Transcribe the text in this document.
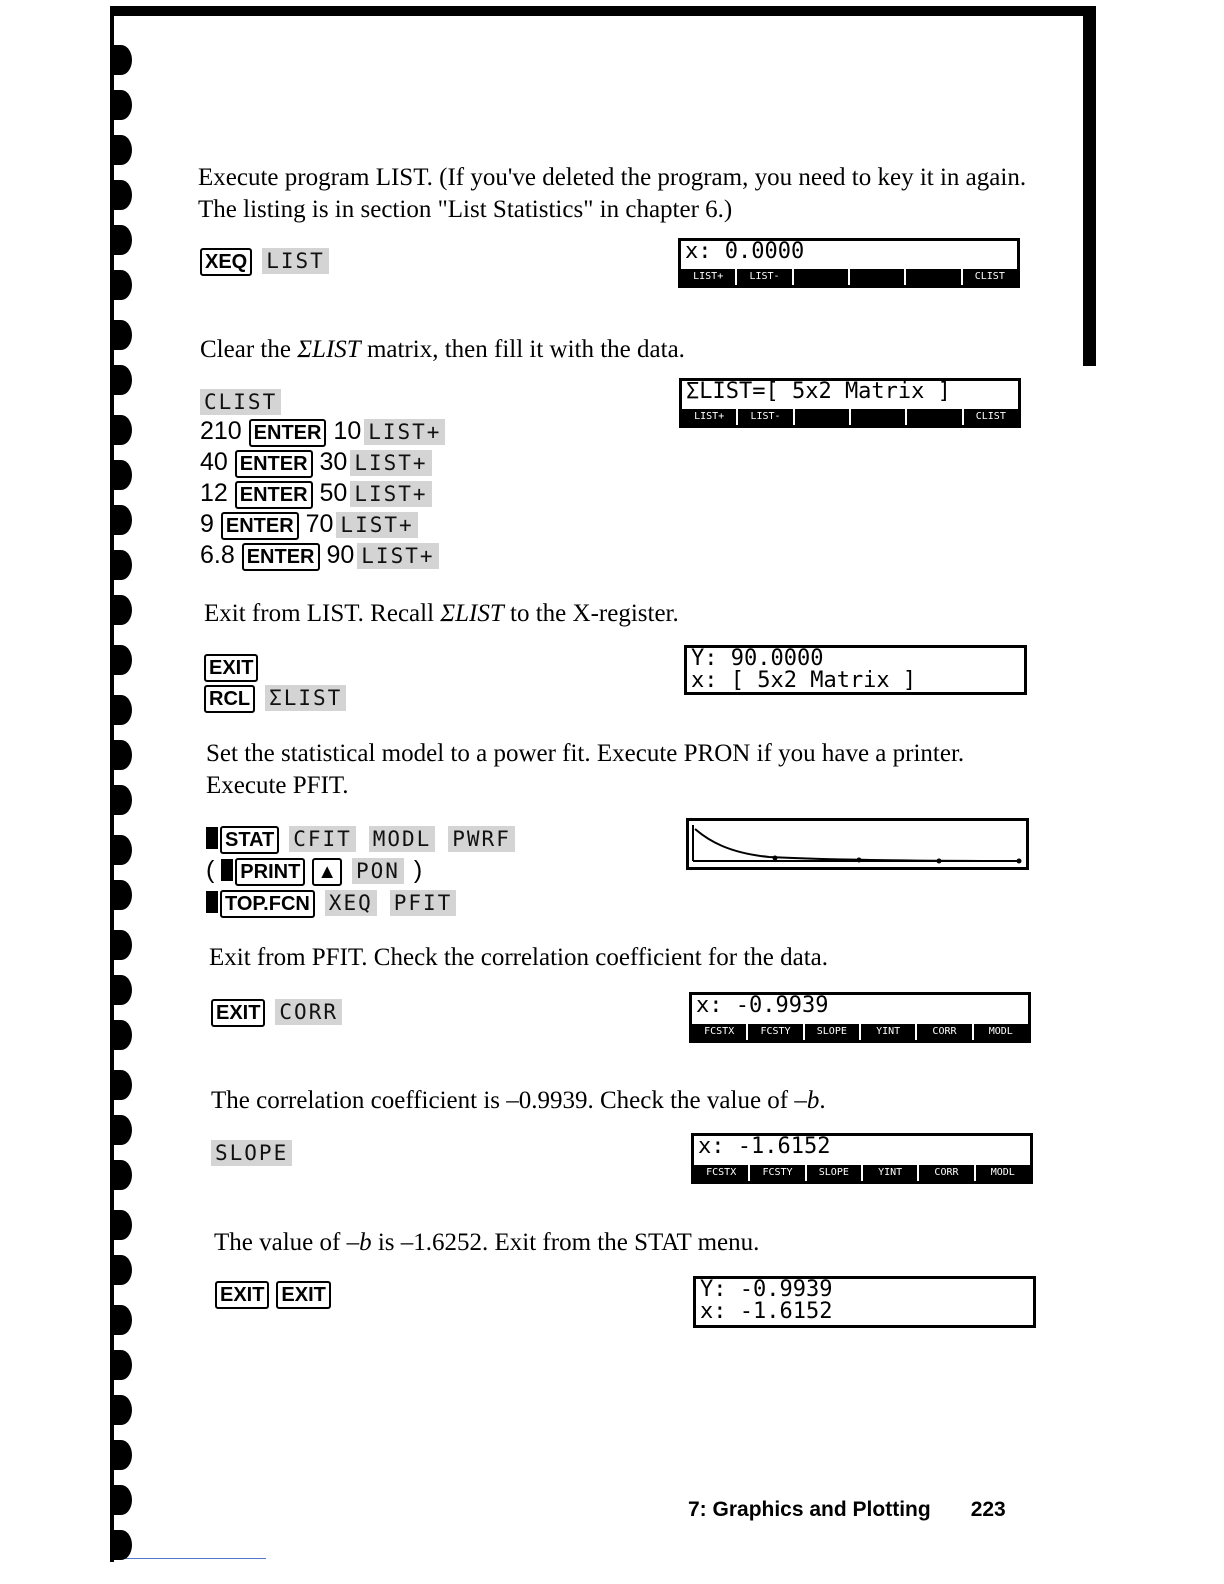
Execute program LIST. (If you've deleted the program, you need to key it in again. The listing is in section "List Statistics" in chapter 6.)
XEQ LIST	x: 0.0000
LIST+	LIST-	CLIST
Clear the ΣLIST matrix, then fill it with the data.
CLIST
210 ENTER 10 LIST+
40 ENTER 30 LIST+
12 ENTER 50 LIST+
9 ENTER 70 LIST+
6.8 ENTER 90 LIST+
ΣLIST=[ 5x2 Matrix ]
LIST+	LIST-	CLIST
Exit from LIST. Recall ΣLIST to the X-register.
EXIT
RCL ΣLIST
Y: 90.0000
x: [ 5x2 Matrix ]
Set the statistical model to a power fit. Execute PRON if you have a printer. Execute PFIT.
STAT CFIT MODL PWRF
( PRINT ▲ PON )
TOP.FCN XEQ PFIT
Exit from PFIT. Check the correlation coefficient for the data.
EXIT CORR	x: -0.9939
FCSTX	FCSTY	SLOPE	YINT	CORR	MODL
The correlation coefficient is –0.9939. Check the value of –b.
SLOPE	x: -1.6152
FCSTX	FCSTY	SLOPE	YINT	CORR	MODL
The value of –b is –1.6252. Exit from the STAT menu.
EXIT EXIT	Y: -0.9939
x: -1.6152
7: Graphics and Plotting 223
